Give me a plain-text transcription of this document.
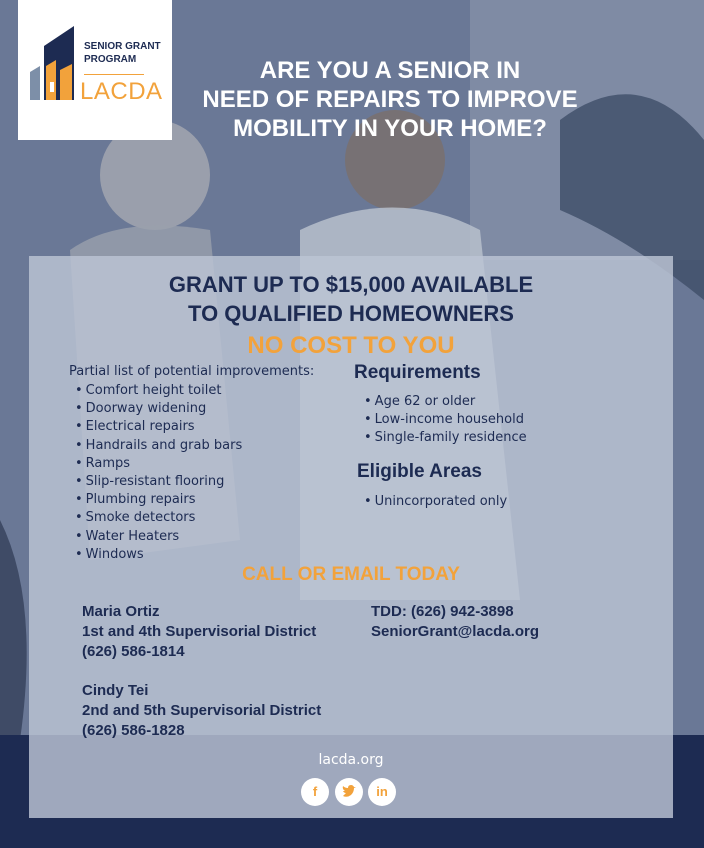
SENIOR GRANT
PROGRAM
LACDA
ARE YOU A SENIOR IN
NEED OF REPAIRS TO IMPROVE
MOBILITY IN YOUR HOME?
GRANT UP TO $15,000 AVAILABLE
TO QUALIFIED HOMEOWNERS
NO COST TO YOU
Partial list of potential improvements:
• Comfort height toilet
• Doorway widening
• Electrical repairs
• Handrails and grab bars
• Ramps
• Slip-resistant flooring
• Plumbing repairs
• Smoke detectors
• Water Heaters
• Windows
Requirements
• Age 62 or older
• Low-income household
• Single-family residence
Eligible Areas
• Unincorporated only
CALL OR EMAIL TODAY
Maria Ortiz
1st and 4th Supervisorial District
(626) 586-1814
Cindy Tei
2nd and 5th Supervisorial District
(626) 586-1828
TDD: (626) 942-3898
SeniorGrant@lacda.org
lacda.org
f	in
